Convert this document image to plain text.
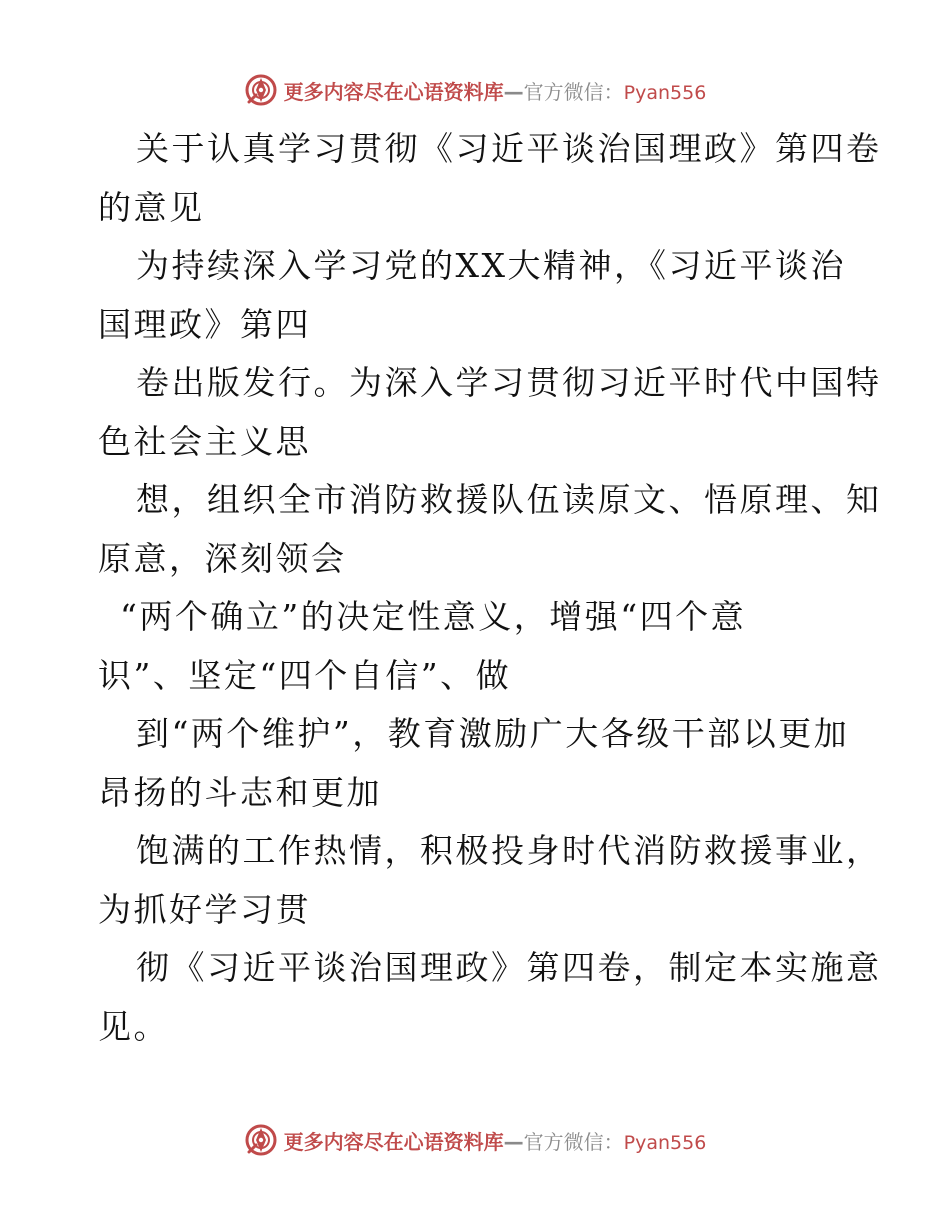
更多内容尽在心语资料库 — 官方微信： Pyan556
关于认真学习贯彻《习近平谈治国理政》第四卷
的意见
为持续深入学习党的XX大精神，《习近平谈治
国理政》第四
卷出版发行。为深入学习贯彻习近平时代中国特
色社会主义思
想，组织全市消防救援队伍读原文、悟原理、知
原意，深刻领会
“两个确立”的决定性意义，增强“四个意
识”、坚定“四个自信”、做
到“两个维护”，教育激励广大各级干部以更加
昂扬的斗志和更加
饱满的工作热情，积极投身时代消防救援事业，
为抓好学习贯
彻《习近平谈治国理政》第四卷，制定本实施意
见。
更多内容尽在心语资料库 — 官方微信： Pyan556
